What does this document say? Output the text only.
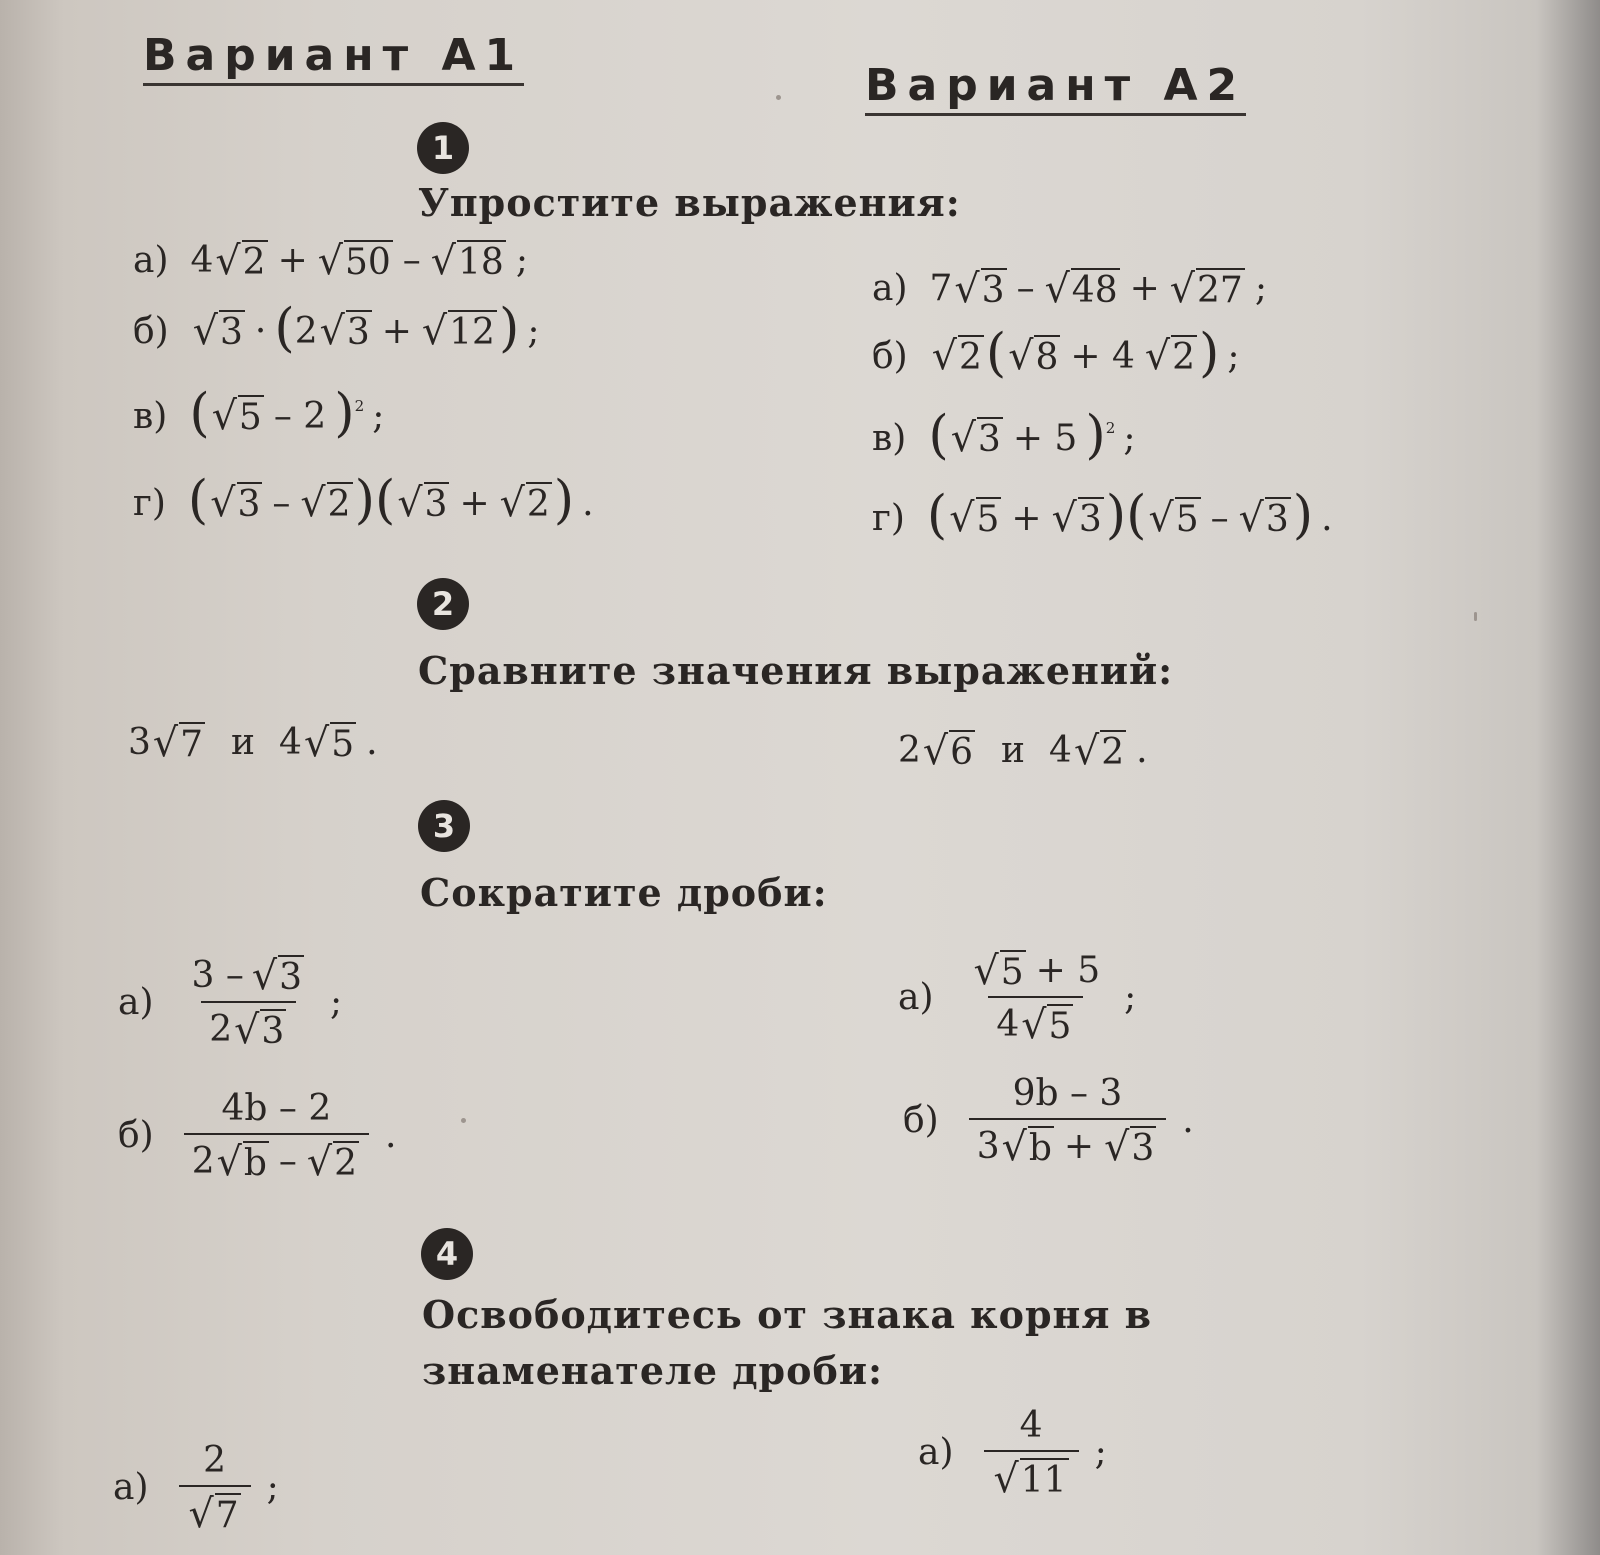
Вариант А1
Вариант А2
1
Упростите выражения:
а) 4 √ 2 + √ 50 – √ 18 ;
б) √ 3 · ( 2 √ 3 + √ 12 ) ;
в) ( √ 5 – 2 ) 2 ;
г) ( √ 3 – √ 2 ) ( √ 3 + √ 2 ) .
а) 7 √ 3 – √ 48 + √ 27 ;
б) √ 2 ( √ 8 + 4 √ 2 ) ;
в) ( √ 3 + 5 ) 2 ;
г) ( √ 5 + √ 3 ) ( √ 5 – √ 3 ) .
2
Сравните значения выражений:
3 √ 7 и 4 √ 5 .	2 √ 6 и 4 √ 2 .
3
Сократите дроби:
$а) \frac{3 - √ 3}{2 √ 3}$ ;
$б) \frac{4b - 2}{2 √ b - √ 2}$ .
$а) \frac{√ 5 + 5}{4 √ 5}$ ;
$б) \frac{9b - 3}{3 √ b + √ 3}$ .
4
Освободитесь от знака корня в
знаменателе дроби:
$а) \frac{2}{√ 7}$ ;
$а) \frac{4}{√ 11}$ ;
